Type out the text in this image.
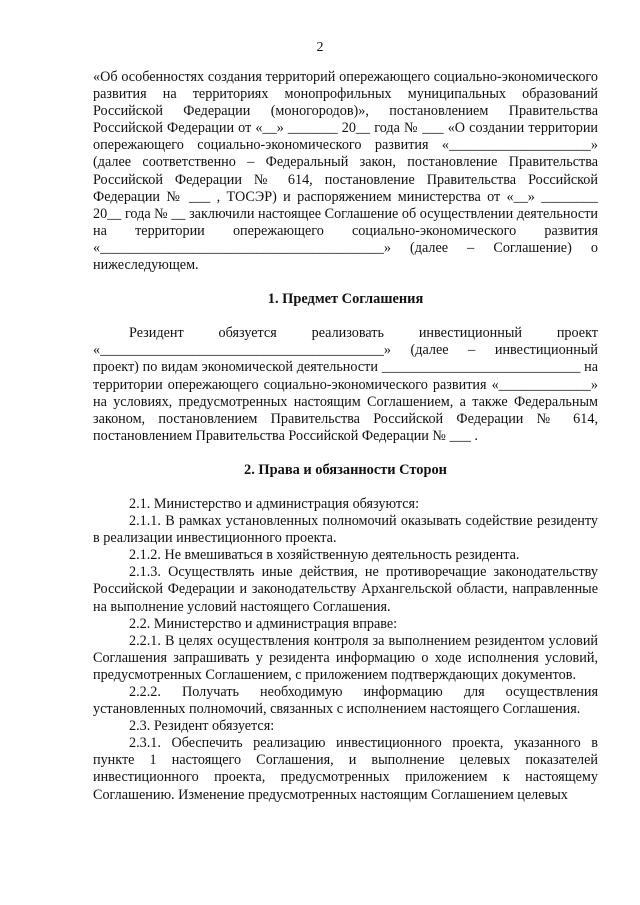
2

«Об особенностях создания территорий опережающего социально-экономического развития на территориях монопрофильных муниципальных образований Российской Федерации (моногородов)», постановлением Правительства Российской Федерации от «__» _______ 20__ года № ___ «О создании территории опережающего социально-экономического развития «____________________» (далее соответственно – Федеральный закон, постановление Правительства Российской Федерации № 614, постановление Правительства Российской Федерации № ___ , ТОСЭР) и распоряжением министерства от «__» ________ 20__ года № __ заключили настоящее Соглашение об осуществлении деятельности на территории опережающего социально-экономического развития «________________________________________» (далее – Соглашение) о нижеследующем.

1. Предмет Соглашения

Резидент обязуется реализовать инвестиционный проект «________________________________________» (далее – инвестиционный проект) по видам экономической деятельности ____________________________ на территории опережающего социально-экономического развития «_____________» на условиях, предусмотренных настоящим Соглашением, а также Федеральным законом, постановлением Правительства Российской Федерации № 614, постановлением Правительства Российской Федерации № ___ .

2. Права и обязанности Сторон

2.1. Министерство и администрация обязуются:

2.1.1. В рамках установленных полномочий оказывать содействие резиденту в реализации инвестиционного проекта.

2.1.2. Не вмешиваться в хозяйственную деятельность резидента.

2.1.3. Осуществлять иные действия, не противоречащие законодательству Российской Федерации и законодательству Архангельской области, направленные на выполнение условий настоящего Соглашения.

2.2. Министерство и администрация вправе:

2.2.1. В целях осуществления контроля за выполнением резидентом условий Соглашения запрашивать у резидента информацию о ходе исполнения условий, предусмотренных Соглашением, с приложением подтверждающих документов.

2.2.2. Получать необходимую информацию для осуществления установленных полномочий, связанных с исполнением настоящего Соглашения.

2.3. Резидент обязуется:

2.3.1. Обеспечить реализацию инвестиционного проекта, указанного в пункте 1 настоящего Соглашения, и выполнение целевых показателей инвестиционного проекта, предусмотренных приложением к настоящему Соглашению. Изменение предусмотренных настоящим Соглашением целевых
